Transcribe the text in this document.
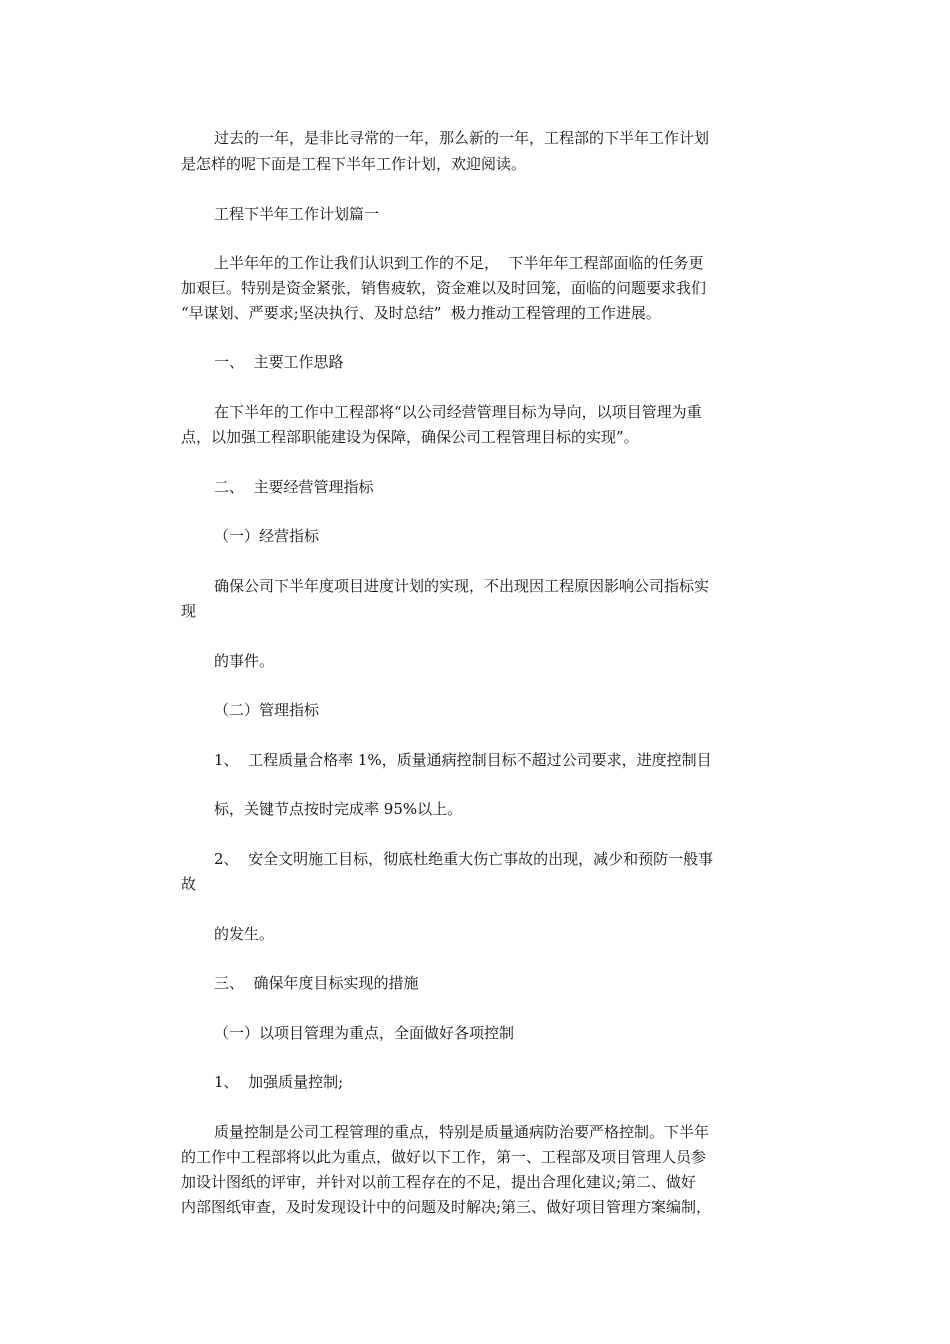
过去的一年，是非比寻常的一年，那么新的一年，工程部的下半年工作计划

是怎样的呢下面是工程下半年工作计划，欢迎阅读。

工程下半年工作计划篇一

上半年年的工作让我们认识到工作的不足，  下半年年工程部面临的任务更

加艰巨。特别是资金紧张，销售疲软，资金难以及时回笼，面临的问题要求我们

“早谋划、严要求;坚决执行、及时总结”  极力推动工程管理的工作进展。

一、  主要工作思路

在下半年的工作中工程部将“以公司经营管理目标为导向，以项目管理为重

点，以加强工程部职能建设为保障，确保公司工程管理目标的实现”。

二、  主要经营管理指标

（一）经营指标

确保公司下半年度项目进度计划的实现，不出现因工程原因影响公司指标实

现

的事件。

（二）管理指标

1、  工程质量合格率 1%，质量通病控制目标不超过公司要求，进度控制目

标，关键节点按时完成率 95%以上。

2、  安全文明施工目标，彻底杜绝重大伤亡事故的出现，减少和预防一般事

故

的发生。

三、  确保年度目标实现的措施

（一）以项目管理为重点，全面做好各项控制

1、  加强质量控制;

质量控制是公司工程管理的重点，特别是质量通病防治要严格控制。下半年

的工作中工程部将以此为重点，做好以下工作，第一、工程部及项目管理人员参

加设计图纸的评审，并针对以前工程存在的不足，提出合理化建议;第二、做好

内部图纸审查，及时发现设计中的问题及时解决;第三、做好项目管理方案编制，
